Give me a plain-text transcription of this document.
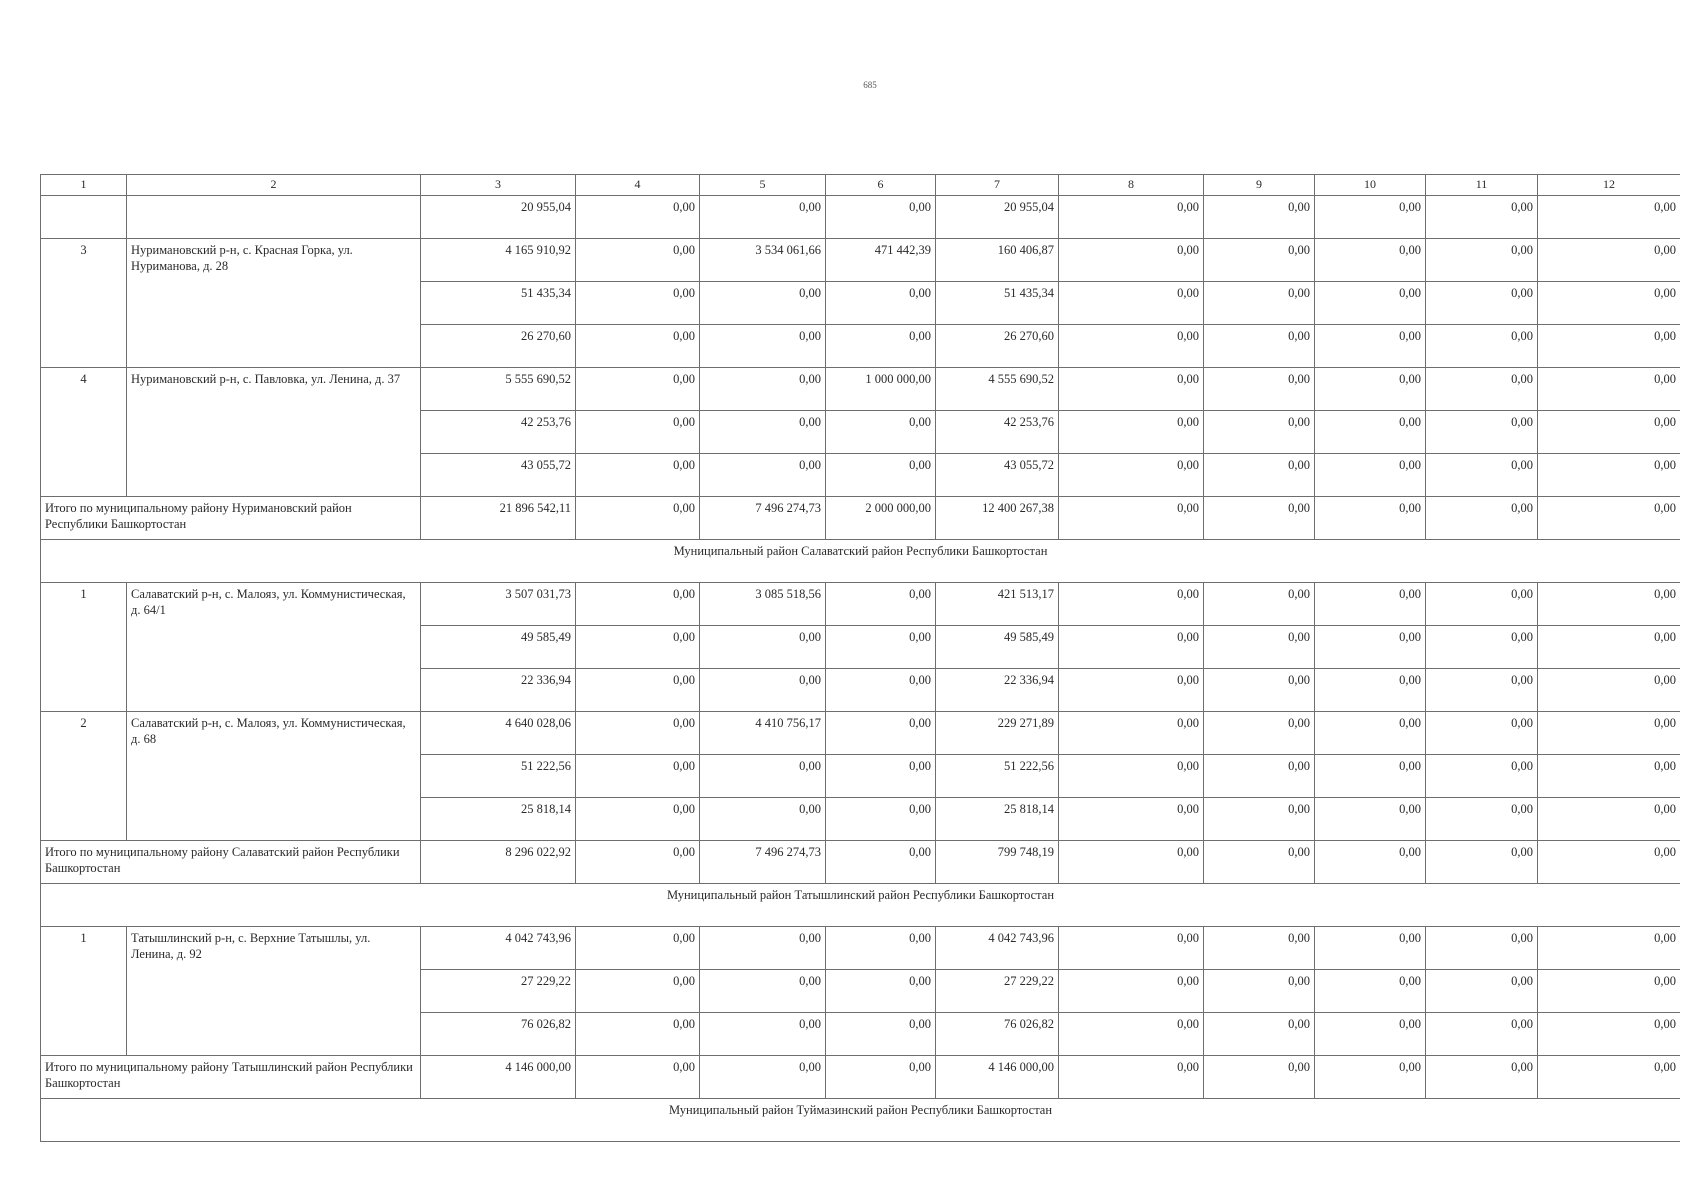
685
1	2	3	4	5	6	7	8	9	10	11	12
		20 955,04	0,00	0,00	0,00	20 955,04	0,00	0,00	0,00	0,00	0,00
3	Нуримановский р-н, с. Красная Горка, ул. Нуриманова, д. 28	4 165 910,92	0,00	3 534 061,66	471 442,39	160 406,87	0,00	0,00	0,00	0,00	0,00
		51 435,34	0,00	0,00	0,00	51 435,34	0,00	0,00	0,00	0,00	0,00
		26 270,60	0,00	0,00	0,00	26 270,60	0,00	0,00	0,00	0,00	0,00
4	Нуримановский р-н, с. Павловка, ул. Ленина, д. 37	5 555 690,52	0,00	0,00	1 000 000,00	4 555 690,52	0,00	0,00	0,00	0,00	0,00
		42 253,76	0,00	0,00	0,00	42 253,76	0,00	0,00	0,00	0,00	0,00
		43 055,72	0,00	0,00	0,00	43 055,72	0,00	0,00	0,00	0,00	0,00
Итого по муниципальному району Нуримановский район Республики Башкортостан		21 896 542,11	0,00	7 496 274,73	2 000 000,00	12 400 267,38	0,00	0,00	0,00	0,00	0,00
Муниципальный район Салаватский район Республики Башкортостан											
1	Салаватский р-н, с. Малояз, ул. Коммунистическая, д. 64/1	3 507 031,73	0,00	3 085 518,56	0,00	421 513,17	0,00	0,00	0,00	0,00	0,00
		49 585,49	0,00	0,00	0,00	49 585,49	0,00	0,00	0,00	0,00	0,00
		22 336,94	0,00	0,00	0,00	22 336,94	0,00	0,00	0,00	0,00	0,00
2	Салаватский р-н, с. Малояз, ул. Коммунистическая, д. 68	4 640 028,06	0,00	4 410 756,17	0,00	229 271,89	0,00	0,00	0,00	0,00	0,00
		51 222,56	0,00	0,00	0,00	51 222,56	0,00	0,00	0,00	0,00	0,00
		25 818,14	0,00	0,00	0,00	25 818,14	0,00	0,00	0,00	0,00	0,00
Итого по муниципальному району Салаватский район Республики Башкортостан		8 296 022,92	0,00	7 496 274,73	0,00	799 748,19	0,00	0,00	0,00	0,00	0,00
Муниципальный район Татышлинский район Республики Башкортостан											
1	Татышлинский р-н, с. Верхние Татышлы, ул. Ленина, д. 92	4 042 743,96	0,00	0,00	0,00	4 042 743,96	0,00	0,00	0,00	0,00	0,00
		27 229,22	0,00	0,00	0,00	27 229,22	0,00	0,00	0,00	0,00	0,00
		76 026,82	0,00	0,00	0,00	76 026,82	0,00	0,00	0,00	0,00	0,00
Итого по муниципальному району Татышлинский район Республики Башкортостан		4 146 000,00	0,00	0,00	0,00	4 146 000,00	0,00	0,00	0,00	0,00	0,00
Муниципальный район Туймазинский район Республики Башкортостан											
